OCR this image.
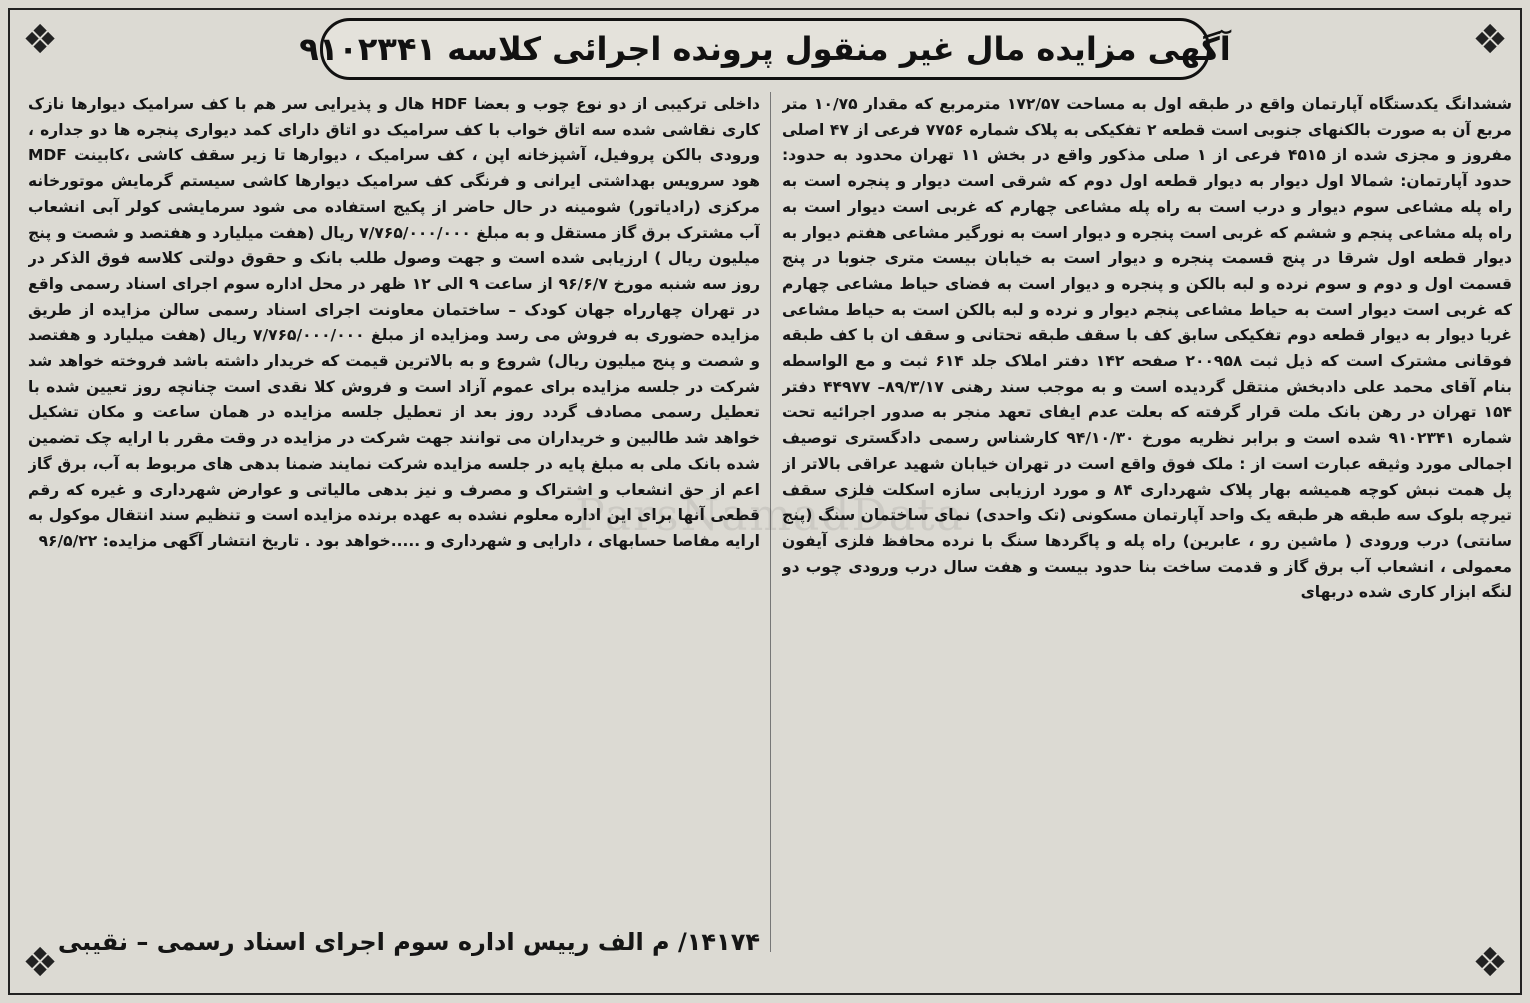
❖	❖
❖	❖
آگهی مزایده مال غیر منقول پرونده اجرائی کلاسه ۹۱۰۲۳۴۱
ششدانگ یکدستگاه آپارتمان واقع در طبقه اول به مساحت ۱۷۲/۵۷ مترمربع که مقدار ۱۰/۷۵ متر مربع آن به صورت بالکنهای جنوبی است قطعه ۲ تفکیکی به پلاک شماره ۷۷۵۶ فرعی از ۴۷ اصلی مفروز و مجزی شده از ۴۵۱۵ فرعی از ۱ صلی مذکور واقع در بخش ۱۱ تهران محدود به حدود: حدود آپارتمان: شمالا اول دیوار به دیوار قطعه اول دوم که شرقی است دیوار و پنجره است به راه پله مشاعی سوم دیوار و درب است به راه پله مشاعی چهارم که غربی است دیوار است به راه پله مشاعی پنجم و ششم که غربی است پنجره و دیوار است به نورگیر مشاعی هفتم دیوار به دیوار قطعه اول شرقا در پنج قسمت پنجره و دیوار است به خیابان بیست متری جنوبا در پنج قسمت اول و دوم و سوم نرده و لبه بالکن و پنجره و دیوار است به فضای حیاط مشاعی چهارم که غربی است دیوار است به حیاط مشاعی پنجم دیوار و نرده و لبه بالکن است به حیاط مشاعی غربا دیوار به دیوار قطعه دوم تفکیکی سابق کف با سقف طبقه تحتانی و سقف ان با کف طبقه فوقانی مشترک است که ذیل ثبت ۲۰۰۹۵۸ صفحه ۱۴۲ دفتر املاک جلد ۶۱۴ ثبت و مع الواسطه بنام آقای محمد علی دادبخش منتقل گردیده است و به موجب سند رهنی ۸۹/۳/۱۷– ۴۴۹۷۷ دفتر ۱۵۴ تهران در رهن بانک ملت قرار گرفته که بعلت عدم ایفای تعهد منجر به صدور اجرائیه تحت شماره ۹۱۰۲۳۴۱ شده است و برابر نظریه مورخ ۹۴/۱۰/۳۰ کارشناس رسمی دادگستری توصیف اجمالی مورد وثیقه عبارت است از : ملک فوق واقع است در تهران خیابان شهید عراقی بالاتر از پل همت نبش کوچه همیشه بهار پلاک شهرداری ۸۴ و مورد ارزیابی سازه اسکلت فلزی سقف تیرچه بلوک سه طبقه هر طبقه یک واحد آپارتمان مسکونی (تک واحدی) نمای ساختمان سنگ (پنج سانتی) درب ورودی ( ماشین رو ، عابرین) راه پله و پاگردها سنگ با نرده محافظ فلزی آیفون معمولی ، انشعاب آب برق گاز و قدمت ساخت بنا حدود بیست و هفت سال درب ورودی چوب دو لنگه ابزار کاری شده دربهای
داخلی ترکیبی از دو نوع چوب و بعضا HDF هال و پذیرایی سر هم با کف سرامیک دیوارها نازک کاری نقاشی شده سه اتاق خواب با کف سرامیک دو اتاق دارای کمد دیواری پنجره ها دو جداره ، ورودی بالکن پروفیل، آشپزخانه اپن ، کف سرامیک ، دیوارها تا زیر سقف کاشی ،کابینت MDF هود سرویس بهداشتی ایرانی و فرنگی کف سرامیک دیوارها کاشی سیستم گرمایش موتورخانه مرکزی (رادیاتور) شومینه در حال حاضر از پکیج استفاده می شود سرمایشی کولر آبی انشعاب آب مشترک برق گاز مستقل و به مبلغ ۷/۷۶۵/۰۰۰/۰۰۰ ریال (هفت میلیارد و هفتصد و شصت و پنج میلیون ریال ) ارزیابی شده است و جهت وصول طلب بانک و حقوق دولتی کلاسه فوق الذکر در روز سه شنبه مورخ ۹۶/۶/۷ از ساعت ۹ الی ۱۲ ظهر در محل اداره سوم اجرای اسناد رسمی واقع در تهران چهارراه جهان کودک – ساختمان معاونت اجرای اسناد رسمی سالن مزایده از طریق مزایده حضوری به فروش می رسد ومزایده از مبلغ ۷/۷۶۵/۰۰۰/۰۰۰ ریال (هفت میلیارد و هفتصد و شصت و پنج میلیون ریال) شروع و به بالاترین قیمت که خریدار داشته باشد فروخته خواهد شد شرکت در جلسه مزایده برای عموم آزاد است و فروش کلا نقدی است چنانچه روز تعیین شده با تعطیل رسمی مصادف گردد روز بعد از تعطیل جلسه مزایده در همان ساعت و مکان تشکیل خواهد شد طالبین و خریداران می توانند جهت شرکت در مزایده در وقت مقرر با ارایه چک تضمین شده بانک ملی به مبلغ پایه در جلسه مزایده شرکت نمایند ضمنا بدهی های مربوط به آب، برق گاز اعم از حق انشعاب و اشتراک و مصرف و نیز بدهی مالیاتی و عوارض شهرداری و غیره که رقم قطعی آنها برای این اداره معلوم نشده به عهده برنده مزایده است و تنظیم سند انتقال موکول به ارایه مفاصا حسابهای ، دارایی و شهرداری و .....خواهد بود . تاریخ انتشار آگهی مزایده: ۹۶/۵/۲۲
۱۴۱۷۴/ م الف رییس اداره سوم اجرای اسناد رسمی – نقیبی
ParsNamadData
